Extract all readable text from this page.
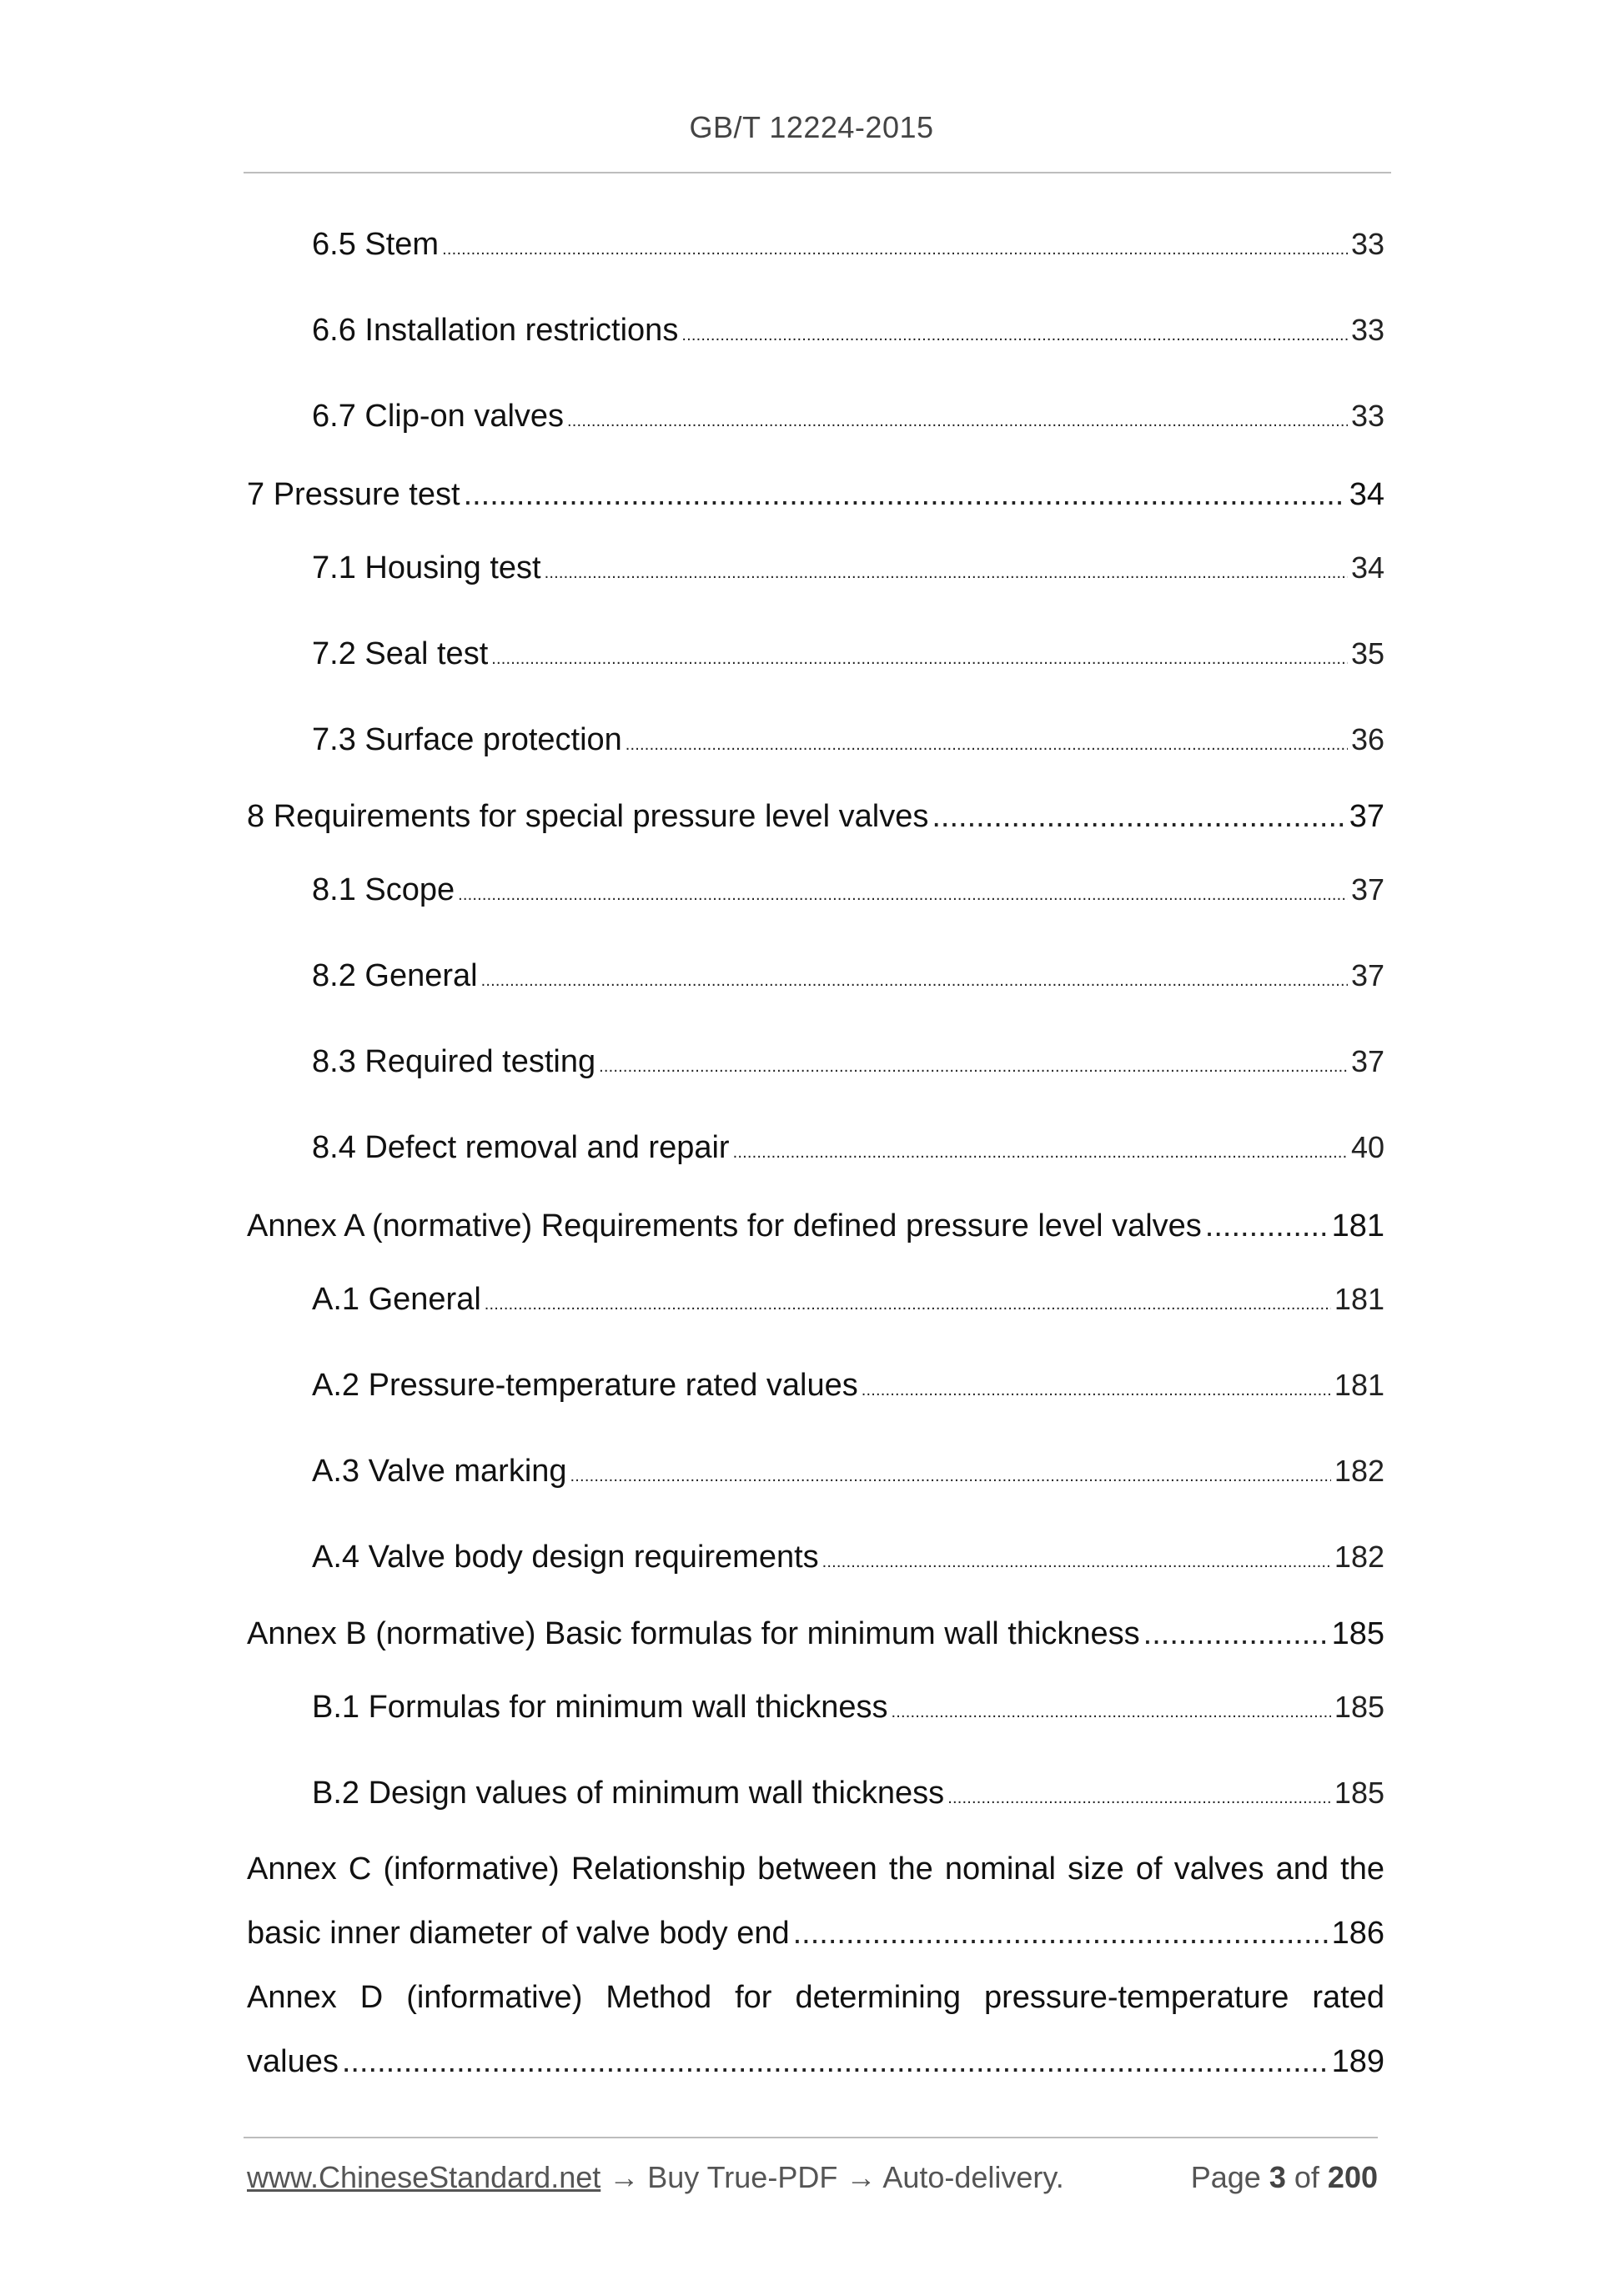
GB/T 12224-2015
6.5 Stem .....	33
6.6 Installation restrictions .....	33
6.7 Clip-on valves .....	33
7 Pressure test .....	34
7.1 Housing test .....	34
7.2 Seal test .....	35
7.3 Surface protection .....	36
8 Requirements for special pressure level valves .....	37
8.1 Scope .....	37
8.2 General .....	37
8.3 Required testing .....	37
8.4 Defect removal and repair .....	40
Annex A (normative) Requirements for defined pressure level valves .....	181
A.1 General .....	181
A.2 Pressure-temperature rated values .....	181
A.3 Valve marking .....	182
A.4 Valve body design requirements .....	182
Annex B (normative) Basic formulas for minimum wall thickness .....	185
B.1 Formulas for minimum wall thickness .....	185
B.2 Design values of minimum wall thickness .....	185
Annex C (informative) Relationship between the nominal size of valves and the
basic inner diameter of valve body end .....	186
Annex D (informative) Method for determining pressure-temperature rated
values .....	189
www.ChineseStandard.net → Buy True-PDF → Auto-delivery.	Page 3 of 200
